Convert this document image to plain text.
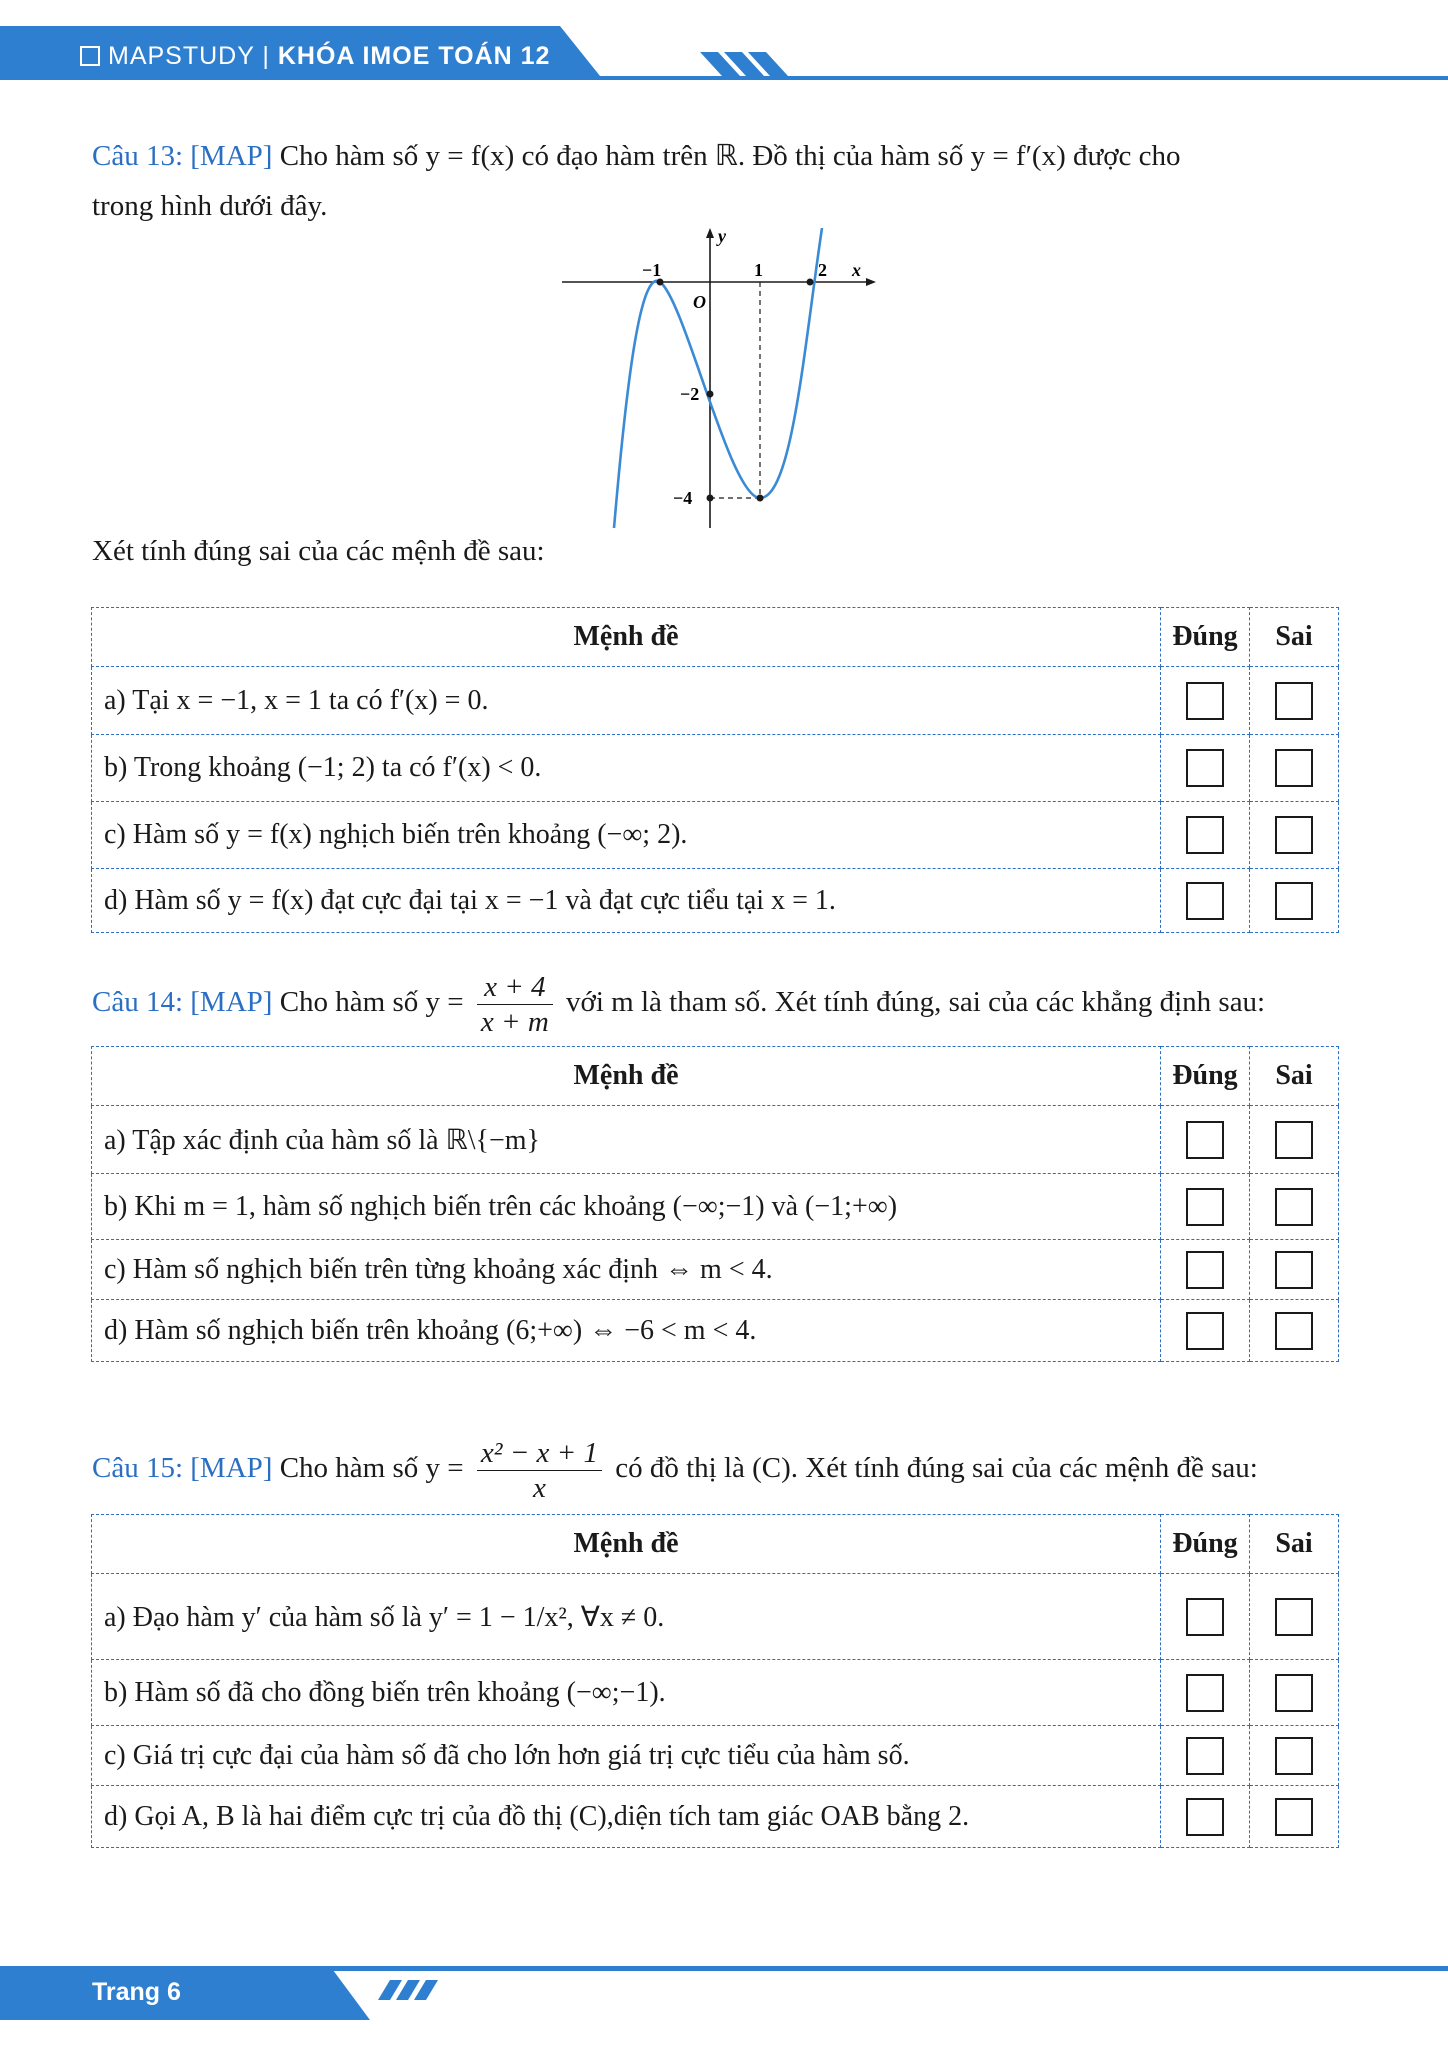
MAPSTUDY | KHÓA IMOE TOÁN 12
Câu 13: [MAP] Cho hàm số y = f(x) có đạo hàm trên ℝ. Đồ thị của hàm số y = f′(x) được cho
trong hình dưới đây.
y
x
O
−1	1	2
−2
−4
Xét tính đúng sai của các mệnh đề sau:
Mệnh đề	Đúng	Sai
a) Tại x = −1, x = 1 ta có f′(x) = 0.		
b) Trong khoảng (−1; 2) ta có f′(x) < 0.		
c) Hàm số y = f(x) nghịch biến trên khoảng (−∞; 2).		
d) Hàm số y = f(x) đạt cực đại tại x = −1 và đạt cực tiểu tại x = 1.		
Câu 14: [MAP] Cho hàm số $y = \frac{x + 4}{x + m}$ với m là tham số. Xét tính đúng, sai của các khẳng định sau:
Mệnh đề	Đúng	Sai
a) Tập xác định của hàm số là ℝ\{−m}		
b) Khi m = 1, hàm số nghịch biến trên các khoảng (−∞;−1) và (−1;+∞)		
c) Hàm số nghịch biến trên từng khoảng xác định ⇔ m < 4.		
d) Hàm số nghịch biến trên khoảng (6;+∞) ⇔ −6 < m < 4.		
Câu 15: [MAP] Cho hàm số $y = \frac{\text{x² − x + 1}}{x}$ có đồ thị là (C). Xét tính đúng sai của các mệnh đề sau:
Mệnh đề	Đúng	Sai
a) Đạo hàm y′ của hàm số là y′ = 1 − 1/x², ∀x ≠ 0.		
b) Hàm số đã cho đồng biến trên khoảng (−∞;−1).		
c) Giá trị cực đại của hàm số đã cho lớn hơn giá trị cực tiểu của hàm số.		
d) Gọi A, B là hai điểm cực trị của đồ thị (C),diện tích tam giác OAB bằng 2.		
Trang 6
